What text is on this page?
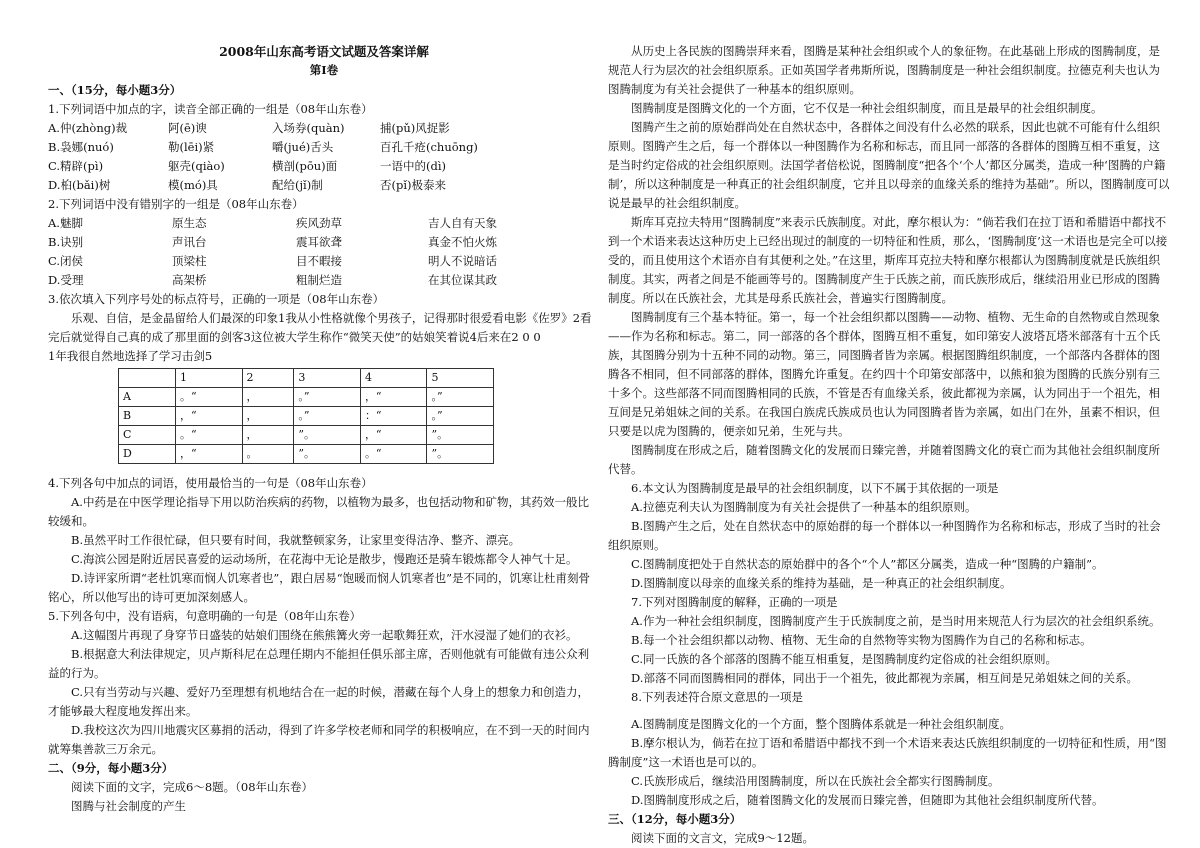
2008年山东高考语文试题及答案详解

第Ⅰ卷

一、（15分，每小题3分）

1.下列词语中加点的字，读音全部正确的一组是（08年山东卷）

A.仲(zhòng)裁	阿(ē)谀	入场券(quàn)	捕(pǔ)风捉影
B.袅娜(nuó)	勒(lēi)紧	嚼(jué)舌头	百孔千疮(chuōng)
C.精辟(pì)	躯壳(qiào)	横剖(pōu)面	一语中的(dì)
D.桕(bǎi)树	模(mó)具	配给(jǐ)制	否(pǐ)极泰来

2.下列词语中没有错别字的一组是（08年山东卷）

A.魅脚	原生态	疾风劲草	吉人自有天象
B.诀别	声讯台	震耳欲聋	真金不怕火炼
C.闭侯	顶梁柱	目不暇接	明人不说暗话
D.受理	高架桥	粗制烂造	在其位谋其政

3.依次填入下列序号处的标点符号，正确的一项是（08年山东卷）

乐观、自信，是金晶留给人们最深的印象1我从小性格就像个男孩子，记得那时很爱看电影《佐罗》2看完后就觉得自己真的成了那里面的剑客3这位被大学生称作“微笑天使”的姑娘笑着说4后来在2 0 0

1年我很自然地选择了学习击剑5

	1	2	3	4	5
A	。“	，	。”	，“	。”
B	，“	，	。”	：“	。”
C	。“	，	”。	，“	”。
D	，“	。	”。	。“	”。

4.下列各句中加点的词语，使用最恰当的一句是（08年山东卷）

A.中药是在中医学理论指导下用以防治疾病的药物，以植物为最多，也包括动物和矿物，其药效一般比较缓和。

B.虽然平时工作很忙碌，但只要有时间，我就整顿家务，让家里变得洁净、整齐、漂亮。

C.海滨公园是附近居民喜爱的运动场所，在花海中无论是散步，慢跑还是骑车锻炼都令人神气十足。

D.诗评家所谓“老杜饥寒而悯人饥寒者也”，跟白居易“饱暖而悯人饥寒者也”是不同的，饥寒让杜甫刻骨铭心，所以他写出的诗可更加深刻感人。

5.下列各句中，没有语病，句意明确的一句是（08年山东卷）

A.这幅图片再现了身穿节日盛装的姑娘们围绕在熊熊篝火旁一起歌舞狂欢，汗水浸湿了她们的衣衫。

B.根据意大利法律规定，贝卢斯科尼在总理任期内不能担任俱乐部主席，否则他就有可能做有违公众利益的行为。

C.只有当劳动与兴趣、爱好乃至理想有机地结合在一起的时候，潜藏在每个人身上的想象力和创造力，才能够最大程度地发挥出来。

D.我校这次为四川地震灾区募捐的活动，得到了许多学校老师和同学的积极响应，在不到一天的时间内就筹集善款三万余元。

二、（9分，每小题3分）

阅读下面的文字，完成6～8题。（08年山东卷）

图腾与社会制度的产生

从历史上各民族的图腾崇拜来看，图腾是某种社会组织或个人的象征物。在此基础上形成的图腾制度，是规范人行为层次的社会组织原系。正如英国学者弗斯所说，图腾制度是一种社会组织制度。拉德克利夫也认为图腾制度为有关社会提供了一种基本的组织原则。

图腾制度是图腾文化的一个方面，它不仅是一种社会组织制度，而且是最早的社会组织制度。

图腾产生之前的原始群尚处在自然状态中，各群体之间没有什么必然的联系，因此也就不可能有什么组织原则。图腾产生之后，每一个群体以一种图腾作为名称和标志，而且同一部落的各群体的图腾互相不重复，这是当时约定俗成的社会组织原则。法国学者倍松说，图腾制度“把各个‘个人’都区分属类，造成一种‘图腾的户籍制’，所以这种制度是一种真正的社会组织制度，它并且以母亲的血缘关系的维持为基础”。所以，图腾制度可以说是最早的社会组织制度。

斯库耳克拉夫特用“图腾制度”来表示氏族制度。对此，摩尔根认为：“倘若我们在拉丁语和希腊语中都找不到一个术语来表达这种历史上已经出现过的制度的一切特征和性质，那么，‘图腾制度’这一术语也是完全可以接受的，而且使用这个术语亦自有其便利之处。”在这里，斯库耳克拉夫特和摩尔根都认为图腾制度就是氏族组织制度。其实，两者之间是不能画等号的。图腾制度产生于氏族之前，而氏族形成后，继续沿用业已形成的图腾制度。所以在氏族社会，尤其是母系氏族社会，普遍实行图腾制度。

图腾制度有三个基本特征。第一，每一个社会组织都以图腾——动物、植物、无生命的自然物或自然现象——作为名称和标志。第二，同一部落的各个群体，图腾互相不重复，如印第安人波塔瓦塔米部落有十五个氏族，其图腾分别为十五种不同的动物。第三，同图腾者皆为亲属。根据图腾组织制度，一个部落内各群体的图腾各不相同，但不同部落的群体，图腾允许重复。在约四十个印第安部落中，以熊和狼为图腾的氏族分别有三十多个。这些部落不同而图腾相同的氏族，不管是否有血缘关系，彼此都视为亲属，认为同出于一个祖先，相互间是兄弟姐妹之间的关系。在我国白族虎氏族成员也认为同图腾者皆为亲属，如出门在外，虽素不相识，但只要是以虎为图腾的，便亲如兄弟，生死与共。

图腾制度在形成之后，随着图腾文化的发展而日臻完善，并随着图腾文化的衰亡而为其他社会组织制度所代替。

6.本文认为图腾制度是最早的社会组织制度，以下不属于其依据的一项是

A.拉德克利夫认为图腾制度为有关社会提供了一种基本的组织原则。

B.图腾产生之后，处在自然状态中的原始群的每一个群体以一种图腾作为名称和标志，形成了当时的社会组织原则。

C.图腾制度把处于自然状态的原始群中的各个“个人”都区分属类，造成一种“图腾的户籍制”。

D.图腾制度以母亲的血缘关系的维持为基础，是一种真正的社会组织制度。

7.下列对图腾制度的解释，正确的一项是

A.作为一种社会组织制度，图腾制度产生于氏族制度之前，是当时用来规范人行为层次的社会组织系统。

B.每一个社会组织都以动物、植物、无生命的自然物等实物为图腾作为自己的名称和标志。

C.同一氏族的各个部落的图腾不能互相重复，是图腾制度约定俗成的社会组织原则。

D.部落不同而图腾相同的群体，同出于一个祖先，彼此都视为亲属，相互间是兄弟姐妹之间的关系。

8.下列表述符合原文意思的一项是

A.图腾制度是图腾文化的一个方面，整个图腾体系就是一种社会组织制度。

B.摩尔根认为，倘若在拉丁语和希腊语中都找不到一个术语来表达氏族组织制度的一切特征和性质，用“图腾制度”这一术语也是可以的。

C.氏族形成后，继续沿用图腾制度，所以在氏族社会全都实行图腾制度。

D.图腾制度形成之后，随着图腾文化的发展而日臻完善，但随即为其他社会组织制度所代替。

三、（12分，每小题3分）

阅读下面的文言文，完成9～12题。
